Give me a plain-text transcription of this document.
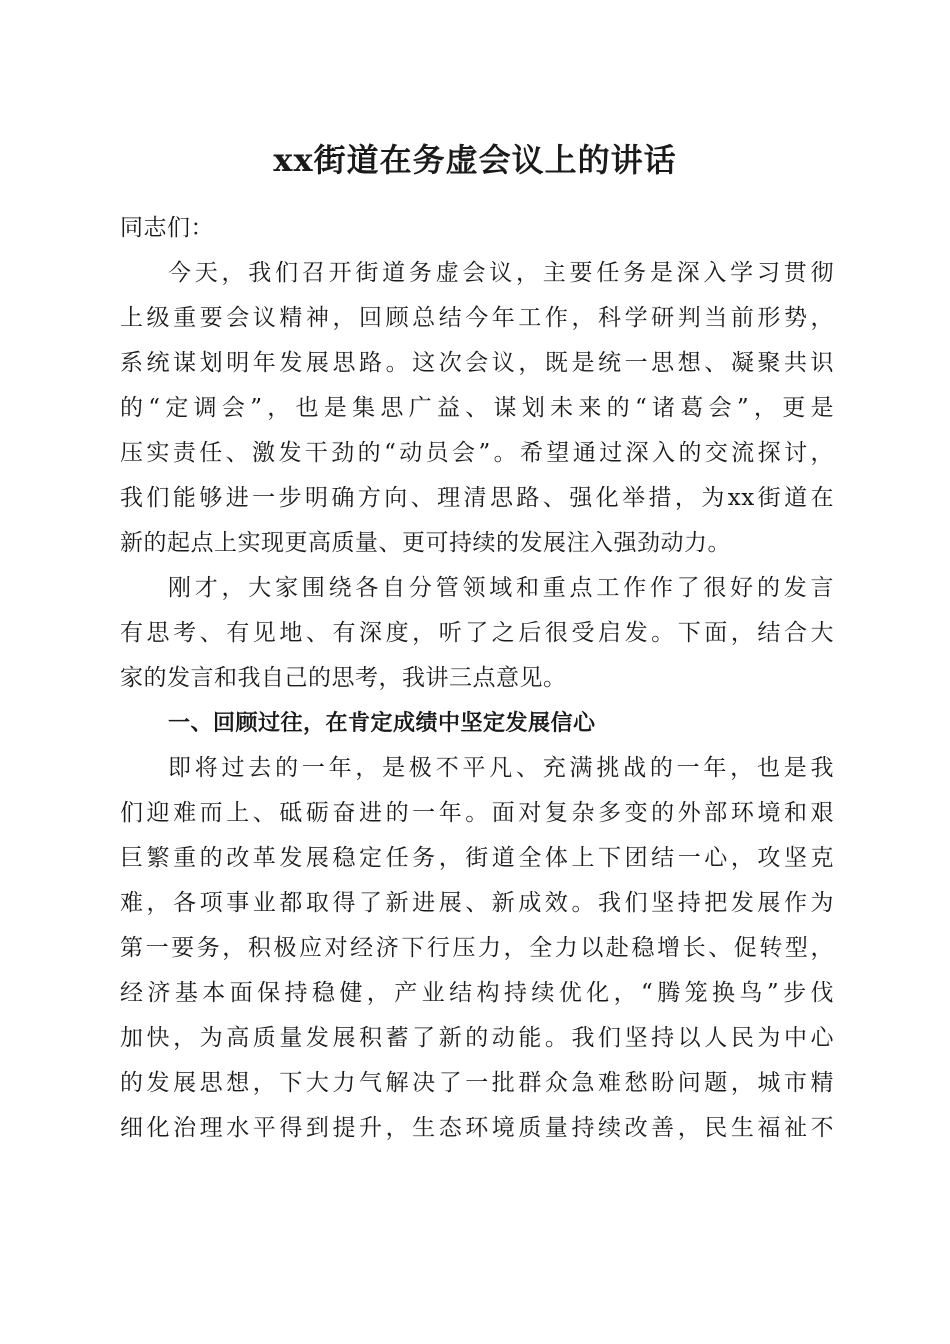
xx街道在务虚会议上的讲话
同志们：
今天，我们召开街道务虚会议，主要任务是深入学习贯彻
上级重要会议精神，回顾总结今年工作，科学研判当前形势，
系统谋划明年发展思路。这次会议，既是统一思想、凝聚共识
的“定调会”，也是集思广益、谋划未来的“诸葛会”，更是
压实责任、激发干劲的“动员会”。希望通过深入的交流探讨，
我们能够进一步明确方向、理清思路、强化举措，为xx街道在
新的起点上实现更高质量、更可持续的发展注入强劲动力。
刚才，大家围绕各自分管领域和重点工作作了很好的发言
有思考、有见地、有深度，听了之后很受启发。下面，结合大
家的发言和我自己的思考，我讲三点意见。
一、回顾过往，在肯定成绩中坚定发展信心
即将过去的一年，是极不平凡、充满挑战的一年，也是我
们迎难而上、砥砺奋进的一年。面对复杂多变的外部环境和艰
巨繁重的改革发展稳定任务，街道全体上下团结一心，攻坚克
难，各项事业都取得了新进展、新成效。我们坚持把发展作为
第一要务，积极应对经济下行压力，全力以赴稳增长、促转型，
经济基本面保持稳健，产业结构持续优化，“腾笼换鸟”步伐
加快，为高质量发展积蓄了新的动能。我们坚持以人民为中心
的发展思想，下大力气解决了一批群众急难愁盼问题，城市精
细化治理水平得到提升，生态环境质量持续改善，民生福祉不
